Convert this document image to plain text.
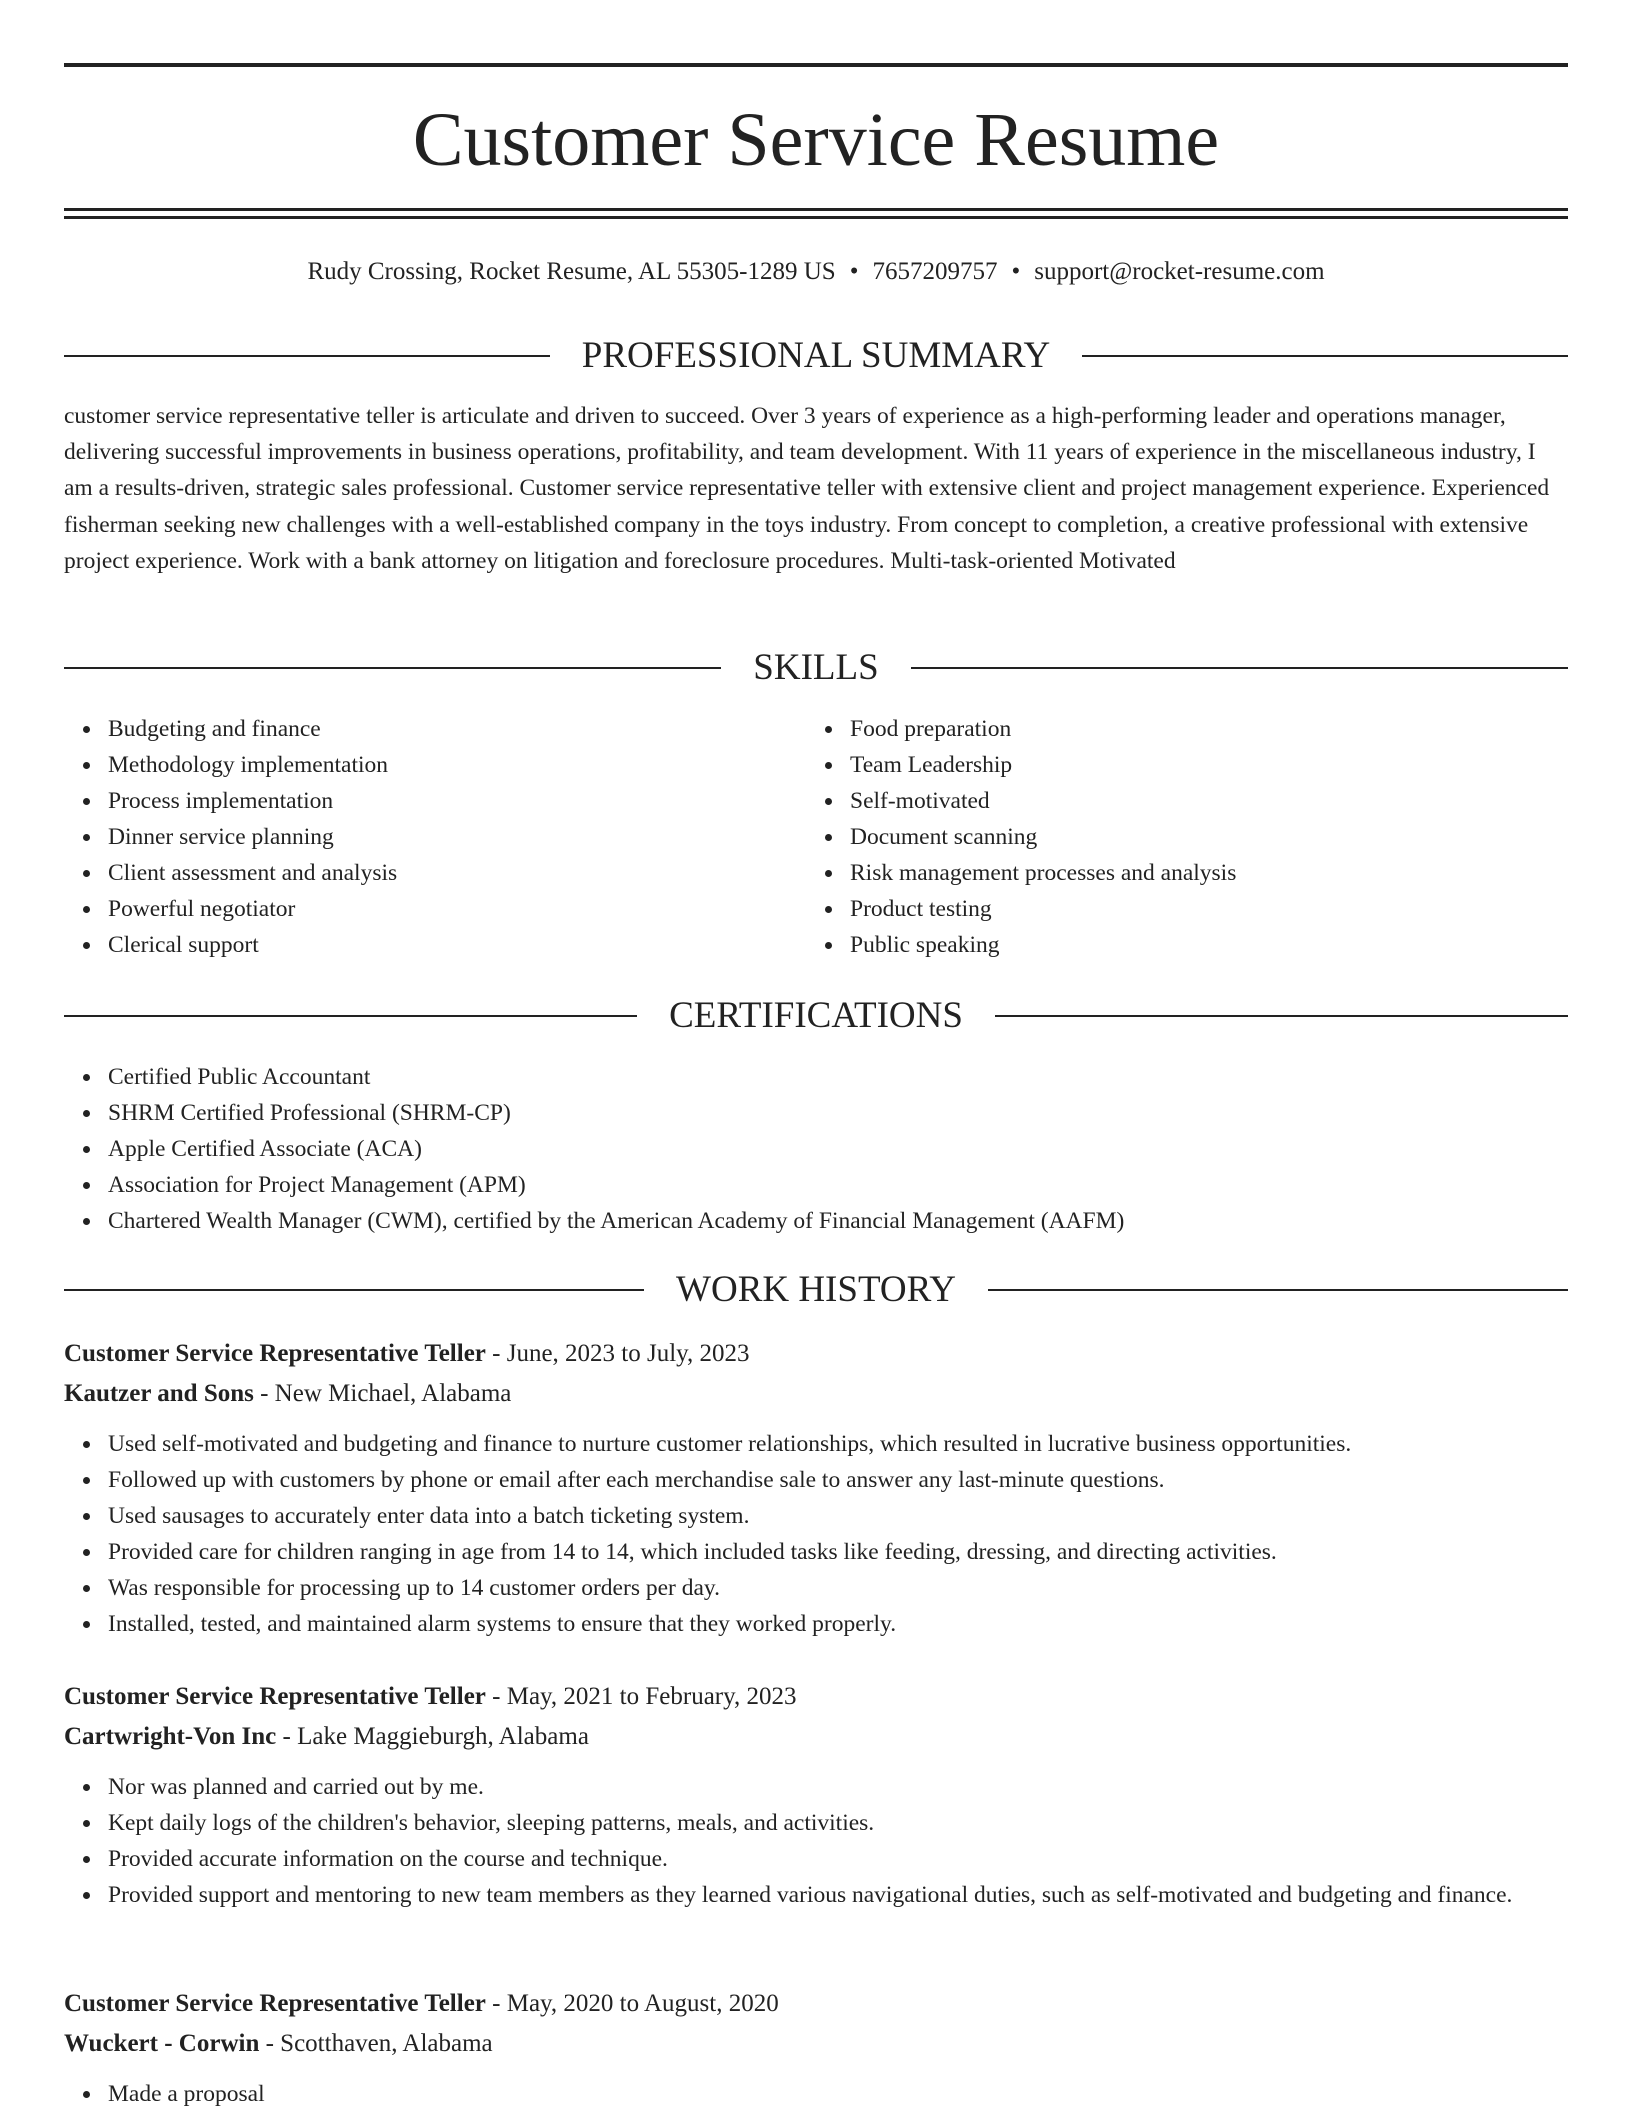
Customer Service Resume
Rudy Crossing, Rocket Resume, AL 55305-1289 US • 7657209757 • support@rocket-resume.com
PROFESSIONAL SUMMARY

customer service representative teller is articulate and driven to succeed. Over 3 years of experience as a high-performing leader and operations manager, delivering successful improvements in business operations, profitability, and team development. With 11 years of experience in the miscellaneous industry, I am a results-driven, strategic sales professional. Customer service representative teller with extensive client and project management experience. Experienced fisherman seeking new challenges with a well-established company in the toys industry. From concept to completion, a creative professional with extensive project experience. Work with a bank attorney on litigation and foreclosure procedures. Multi-task-oriented Motivated

SKILLS
Budgeting and finance
Methodology implementation
Process implementation
Dinner service planning
Client assessment and analysis
Powerful negotiator
Clerical support
Food preparation
Team Leadership
Self-motivated
Document scanning
Risk management processes and analysis
Product testing
Public speaking
CERTIFICATIONS
Certified Public Accountant
SHRM Certified Professional (SHRM-CP)
Apple Certified Associate (ACA)
Association for Project Management (APM)
Chartered Wealth Manager (CWM), certified by the American Academy of Financial Management (AAFM)
WORK HISTORY
Customer Service Representative Teller - June, 2023 to July, 2023
Kautzer and Sons - New Michael, Alabama
Used self-motivated and budgeting and finance to nurture customer relationships, which resulted in lucrative business opportunities.
Followed up with customers by phone or email after each merchandise sale to answer any last-minute questions.
Used sausages to accurately enter data into a batch ticketing system.
Provided care for children ranging in age from 14 to 14, which included tasks like feeding, dressing, and directing activities.
Was responsible for processing up to 14 customer orders per day.
Installed, tested, and maintained alarm systems to ensure that they worked properly.
Customer Service Representative Teller - May, 2021 to February, 2023
Cartwright-Von Inc - Lake Maggieburgh, Alabama
Nor was planned and carried out by me.
Kept daily logs of the children's behavior, sleeping patterns, meals, and activities.
Provided accurate information on the course and technique.
Provided support and mentoring to new team members as they learned various navigational duties, such as self-motivated and budgeting and finance.
Customer Service Representative Teller - May, 2020 to August, 2020
Wuckert - Corwin - Scotthaven, Alabama
Made a proposal
